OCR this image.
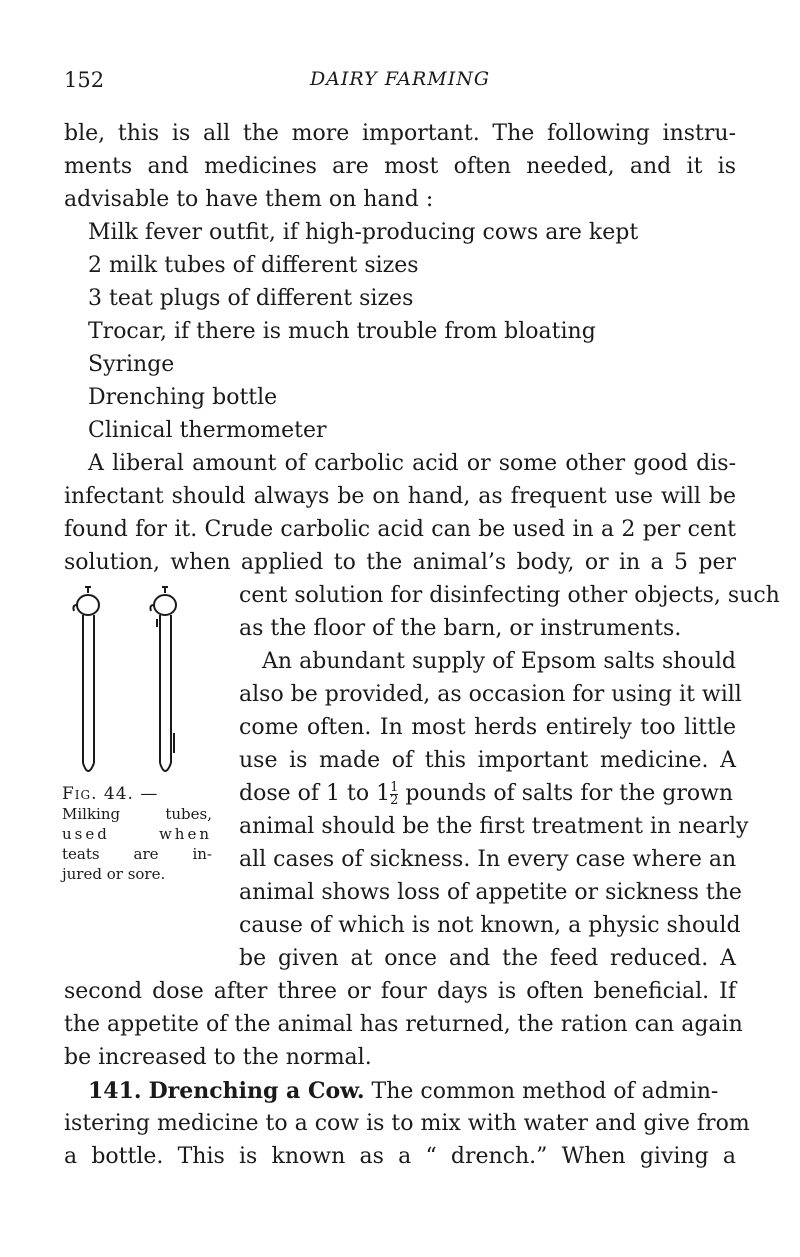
152	DAIRY FARMING
ble, this is all the more important. The following instru-
ments and medicines are most often needed, and it is
advisable to have them on hand :
Milk fever outfit, if high-producing cows are kept
2 milk tubes of different sizes
3 teat plugs of different sizes
Trocar, if there is much trouble from bloating
Syringe
Drenching bottle
Clinical thermometer
A liberal amount of carbolic acid or some other good dis-
infectant should always be on hand, as frequent use will be
found for it. Crude carbolic acid can be used in a 2 per cent
solution, when applied to the animal’s body, or in a 5 per
cent solution for disinfecting other objects, such
as the floor of the barn, or instruments.
Fig. 44. —
Milking tubes,
used when
teats are in-
jured or sore.
An abundant supply of Epsom salts should
also be provided, as occasion for using it will
come often. In most herds entirely too little
use is made of this important medicine. A
dose of 1 to $1 \frac{1}{2}$ pounds of salts for the grown
animal should be the first treatment in nearly
all cases of sickness. In every case where an
animal shows loss of appetite or sickness the
cause of which is not known, a physic should
be given at once and the feed reduced. A
second dose after three or four days is often beneficial. If
the appetite of the animal has returned, the ration can again
be increased to the normal.
141. Drenching a Cow. The common method of admin-
istering medicine to a cow is to mix with water and give from
a bottle. This is known as a “ drench.” When giving a
